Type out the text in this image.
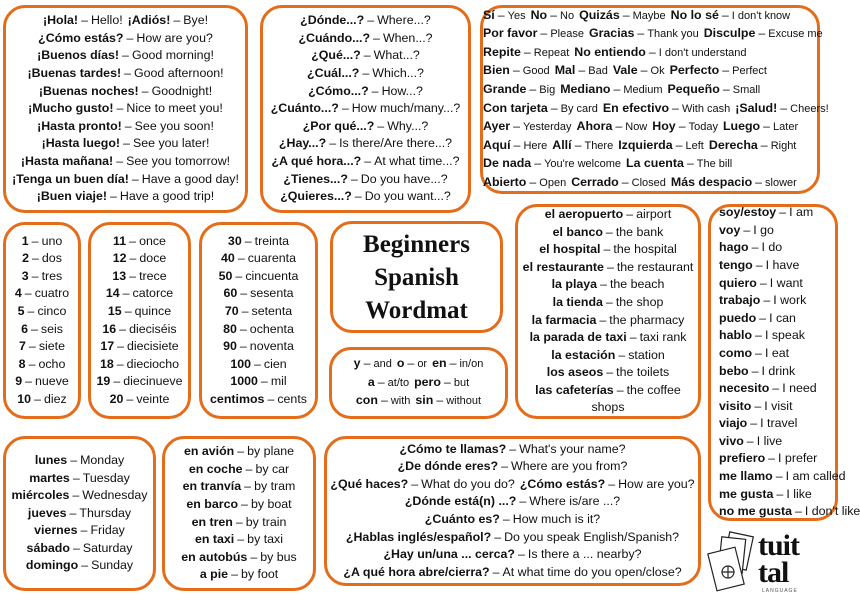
¡Hola! – Hello! ¡Adiós! – Bye!
¿Cómo estás? – How are you?
¡Buenos días! – Good morning!
¡Buenas tardes! – Good afternoon!
¡Buenas noches! – Goodnight!
¡Mucho gusto! – Nice to meet you!
¡Hasta pronto! – See you soon!
¡Hasta luego! – See you later!
¡Hasta mañana! – See you tomorrow!
¡Tenga un buen día! – Have a good day!
¡Buen viaje! – Have a good trip!
¿Dónde...? – Where...?
¿Cuándo...? – When...?
¿Qué...? – What...?
¿Cuál...? – Which...?
¿Cómo...? – How...?
¿Cuánto...? – How much/many...?
¿Por qué...? – Why...?
¿Hay...? – Is there/Are there...?
¿A qué hora...? – At what time...?
¿Tienes...? – Do you have...?
¿Quieres...? – Do you want...?
Sí – Yes No – No Quizás – Maybe No lo sé – I don't know
Por favor – Please Gracias – Thank you Disculpe – Excuse me
Repite – Repeat No entiendo – I don't understand
Bien – Good Mal – Bad Vale – Ok Perfecto – Perfect
Grande – Big Mediano – Medium Pequeño – Small
Con tarjeta – By card En efectivo – With cash ¡Salud! – Cheers!
Ayer – Yesterday Ahora – Now Hoy – Today Luego – Later
Aquí – Here Allí – There Izquierda – Left Derecha – Right
De nada – You're welcome La cuenta – The bill
Abierto – Open Cerrado – Closed Más despacio – slower
1 – uno
2 – dos
3 – tres
4 – cuatro
5 – cinco
6 – seis
7 – siete
8 – ocho
9 – nueve
10 – diez
11 – once
12 – doce
13 – trece
14 – catorce
15 – quince
16 – dieciséis
17 – diecisiete
18 – dieciocho
19 – diecinueve
20 – veinte
30 – treinta
40 – cuarenta
50 – cincuenta
60 – sesenta
70 – setenta
80 – ochenta
90 – noventa
100 – cien
1000 – mil
centimos – cents
Beginners
Spanish
Wordmat
y – and o – or en – in/on
a – at/to pero – but
con – with sin – without
el aeropuerto – airport
el banco – the bank
el hospital – the hospital
el restaurante – the restaurant
la playa – the beach
la tienda – the shop
la farmacia – the pharmacy
la parada de taxi – taxi rank
la estación – station
los aseos – the toilets
las cafeterías – the coffee
shops
soy/estoy – I am
voy – I go
hago – I do
tengo – I have
quiero – I want
trabajo – I work
puedo – I can
hablo – I speak
como – I eat
bebo – I drink
necesito – I need
visito – I visit
viajo – I travel
vivo – I live
prefiero – I prefer
me llamo – I am called
me gusta – I like
no me gusta – I don't like
lunes – Monday
martes – Tuesday
miércoles – Wednesday
jueves – Thursday
viernes – Friday
sábado – Saturday
domingo – Sunday
en avión – by plane
en coche – by car
en tranvía – by tram
en barco – by boat
en tren – by train
en taxi – by taxi
en autobús – by bus
a pie – by foot
¿Cómo te llamas? – What's your name?
¿De dónde eres? – Where are you from?
¿Qué haces? – What do you do? ¿Cómo estás? – How are you?
¿Dónde está(n) ...? – Where is/are ...?
¿Cuánto es? – How much is it?
¿Hablas inglés/español? – Do you speak English/Spanish?
¿Hay un/una ... cerca? – Is there a ... nearby?
¿A qué hora abre/cierra? – At what time do you open/close?
tuit
tal
LANGUAGE
